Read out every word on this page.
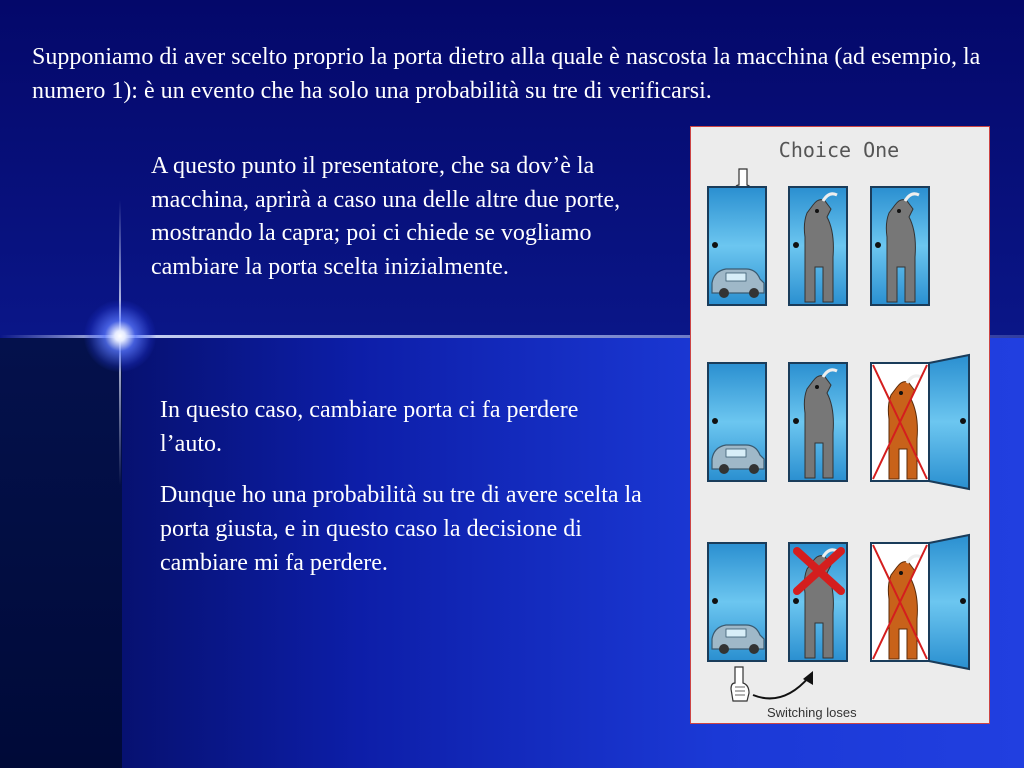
Supponiamo di aver scelto proprio la porta dietro alla quale è nascosta la macchina (ad esempio, la numero 1): è un evento che ha solo una probabilità su tre di verificarsi.

A questo punto il presentatore, che sa dov’è la macchina, aprirà a caso una delle altre due porte, mostrando la capra; poi ci chiede se vogliamo cambiare la porta scelta inizialmente.

In questo caso, cambiare porta ci fa perdere l’auto.

Dunque ho una probabilità su tre di avere scelta la porta giusta, e in questo caso la decisione di cambiare mi fa perdere.

Choice One
Switching loses
